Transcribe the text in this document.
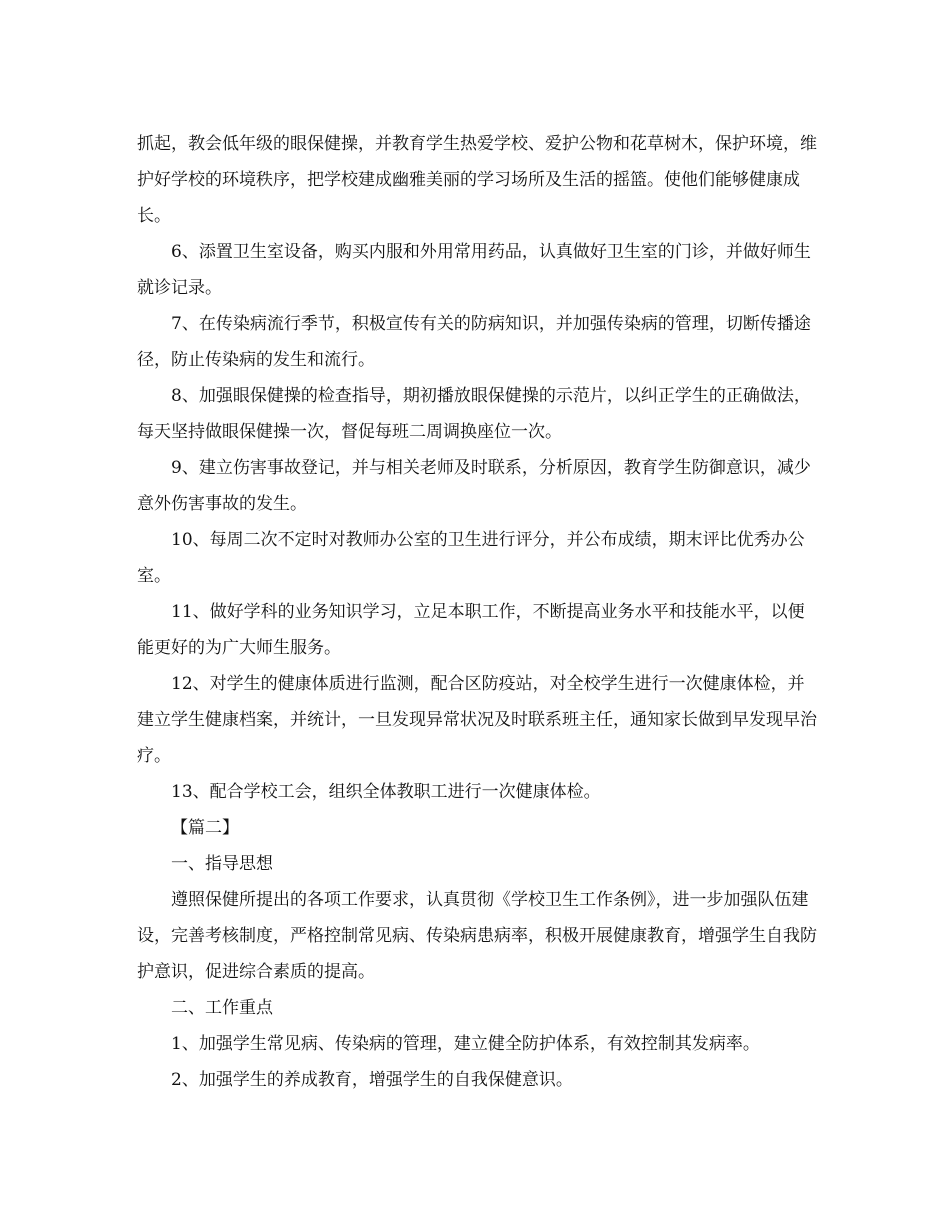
抓起，教会低年级的眼保健操，并教育学生热爱学校、爱护公物和花草树木，保护环境，维护好学校的环境秩序，把学校建成幽雅美丽的学习场所及生活的摇篮。使他们能够健康成长。

6、添置卫生室设备，购买内服和外用常用药品，认真做好卫生室的门诊，并做好师生就诊记录。

7、在传染病流行季节，积极宣传有关的防病知识，并加强传染病的管理，切断传播途径，防止传染病的发生和流行。

8、加强眼保健操的检查指导，期初播放眼保健操的示范片，以纠正学生的正确做法，每天坚持做眼保健操一次，督促每班二周调换座位一次。

9、建立伤害事故登记，并与相关老师及时联系，分析原因，教育学生防御意识，减少意外伤害事故的发生。

10、每周二次不定时对教师办公室的卫生进行评分，并公布成绩，期末评比优秀办公室。

11、做好学科的业务知识学习，立足本职工作，不断提高业务水平和技能水平，以便能更好的为广大师生服务。

12、对学生的健康体质进行监测，配合区防疫站，对全校学生进行一次健康体检，并建立学生健康档案，并统计，一旦发现异常状况及时联系班主任，通知家长做到早发现早治疗。

13、配合学校工会，组织全体教职工进行一次健康体检。

【篇二】

一、指导思想

遵照保健所提出的各项工作要求，认真贯彻《学校卫生工作条例》，进一步加强队伍建设，完善考核制度，严格控制常见病、传染病患病率，积极开展健康教育，增强学生自我防护意识，促进综合素质的提高。

二、工作重点

1、加强学生常见病、传染病的管理，建立健全防护体系，有效控制其发病率。

2、加强学生的养成教育，增强学生的自我保健意识。
